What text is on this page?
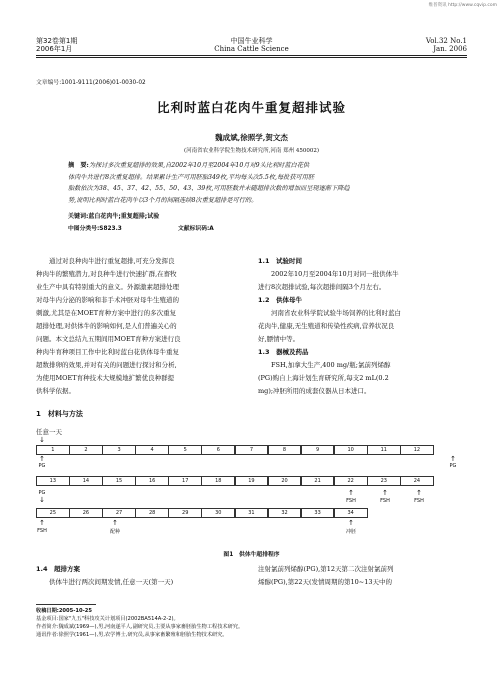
维普资讯 http://www.cqvip.com
第32卷第1期
2006年1月
中国牛业科学
China Cattle Science
Vol.32 No.1
Jan. 2006
文章编号:1001-9111(2006)01-0030-02
比利时蓝白花肉牛重复超排试验
魏成斌,徐照学,贺文杰
(河南省农业科学院生物技术研究所,河南 郑州 450002)
摘　要:为探讨多次重复超排的效果,自2002年10月至2004年10月对9头比利时蓝白花供
体肉牛共进行8次重复超排。结果累计生产可用胚胎349枚,平均每头次5.5枚,每批获可用胚
胎数依次为38、45、37、42、55、50、43、39枚,可用胚数并未随超排次数的增加而呈现逐渐下降趋
势,说明比利时蓝白花肉牛以3个月的间隔连续8次重复超排是可行的。
关键词:蓝白花肉牛;重复超排;试验
中图分类号:S823.3	文献标识码:A
通过对良种肉牛进行重复超排,可充分发挥良
种肉牛的繁殖潜力,对良种牛进行快速扩群,在畜牧
业生产中具有特别重大的意义。外源激素超排处理
对母牛内分泌的影响和非手术冲胚对母牛生殖道的
刺激,尤其是在MOET育种方案中进行的多次重复
超排处理,对供体牛的影响如何,是人们普遍关心的
问题。本文总结九五期间用MOET育种方案进行良
种肉牛育种项目工作中比利时蓝白花供体母牛重复
超数排卵的效果,并对有关的问题进行探讨和分析,
为使用MOET育种技术大规模地扩繁优良种群提
供科学依据。
1　材料与方法
1.1　试验时间
2002年10月至2004年10月对同一批供体牛
进行8次超排试验,每次超排间隔3个月左右。
1.2　供体母牛
河南省农业科学院试验牛场饲养的比利时蓝白
花肉牛,健康,无生殖道和传染性疾病,营养状况良
好,膘情中等。
1.3　器械及药品
FSH,加拿大生产,400 mg/瓶;氯前列烯醇
(PG)购自上海计划生育研究所,每支2 mL(0.2
mg);冲胚所用的成套仪器从日本进口。
任意一天
↓
1	2	3	4	5	6	7	8	9	10	11	12
↑
PG
↑
PG
13	14	15	16	17	18	19	20	21	22	23	24
PG
↓
↑
FSH
↑
FSH
↑
FSH
25	26	27	28	29	30	31	32	33	34
↑
FSH
↑
配种
↑
冲胚
图1　供体牛超排程序
1.4　超排方案
供体牛进行两次间期发情,任意一天(第一天)
注射氯前列烯醇(PG),第12天第二次注射氯前列
烯醇(PG),第22天(发情周期的第10~13天中的
收稿日期:2005-10-25
基金项目:国家"九五"科技攻关计划项目(2002BA514A-2-2)。
作者简介:魏成斌(1969—),男,河南遂平人,副研究员,主要从事家畜胚胎生物工程技术研究。
通讯作者:徐照学(1961—),男,农学博士,研究员,从事家畜繁殖和胚胎生物技术研究。
